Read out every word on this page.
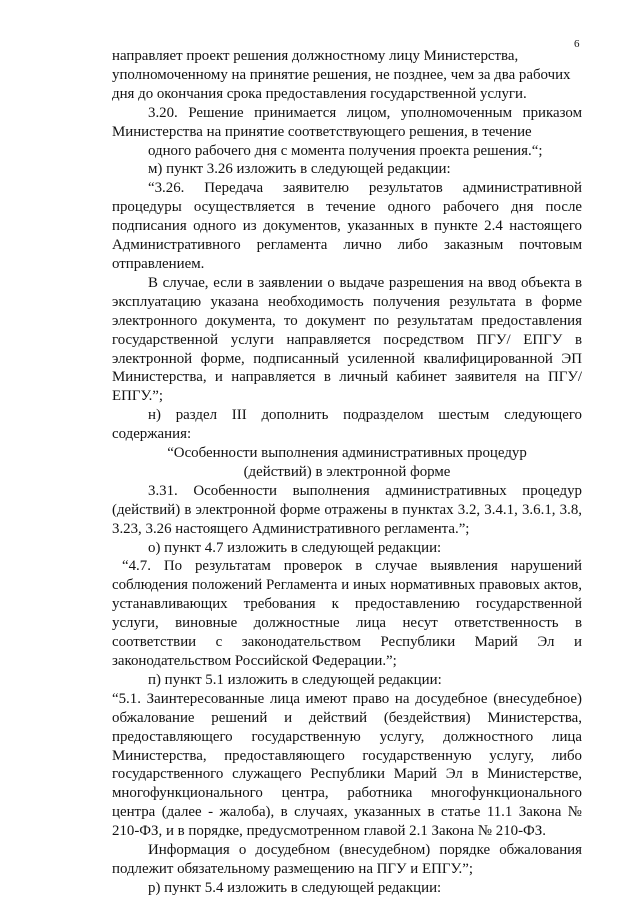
6

направляет проект решения должностному лицу Министерства,
уполномоченному на принятие решения, не позднее, чем за два рабочих
дня до окончания срока предоставления государственной услуги.

3.20. Решение принимается лицом, уполномоченным приказом Министерства на принятие соответствующего решения, в течение
одного рабочего дня с момента получения проекта решения.“;

м) пункт 3.26 изложить в следующей редакции:

“3.26. Передача заявителю результатов административной процедуры осуществляется в течение одного рабочего дня после подписания одного из документов, указанных в пункте 2.4 настоящего Административного регламента лично либо заказным почтовым отправлением.

В случае, если в заявлении о выдаче разрешения на ввод объекта в эксплуатацию указана необходимость получения результата в форме электронного документа, то документ по результатам предоставления государственной услуги направляется посредством ПГУ/ ЕПГУ в электронной форме, подписанный усиленной квалифицированной ЭП Министерства, и направляется в личный кабинет заявителя на ПГУ/ ЕПГУ.”;

н) раздел III дополнить подразделом шестым следующего содержания:

“Особенности выполнения административных процедур
(действий) в электронной форме

3.31. Особенности выполнения административных процедур (действий) в электронной форме отражены в пунктах 3.2, 3.4.1, 3.6.1, 3.8, 3.23, 3.26 настоящего Административного регламента.”;

о) пункт 4.7 изложить в следующей редакции:

“4.7. По результатам проверок в случае выявления нарушений соблюдения положений Регламента и иных нормативных правовых актов, устанавливающих требования к предоставлению государственной услуги, виновные должностные лица несут ответственность в соответствии с законодательством Республики Марий Эл и законодательством Российской Федерации.”;

п) пункт 5.1 изложить в следующей редакции:

“5.1. Заинтересованные лица имеют право на досудебное (внесудебное) обжалование решений и действий (бездействия) Министерства, предоставляющего государственную услугу, должностного лица Министерства, предоставляющего государственную услугу, либо государственного служащего Республики Марий Эл в Министерстве, многофункционального центра, работника многофункционального центра (далее - жалоба), в случаях, указанных в статье 11.1 Закона № 210-ФЗ, и в порядке, предусмотренном главой 2.1 Закона № 210-ФЗ.

Информация о досудебном (внесудебном) порядке обжалования подлежит обязательному размещению на ПГУ и ЕПГУ.”;

р) пункт 5.4 изложить в следующей редакции:
